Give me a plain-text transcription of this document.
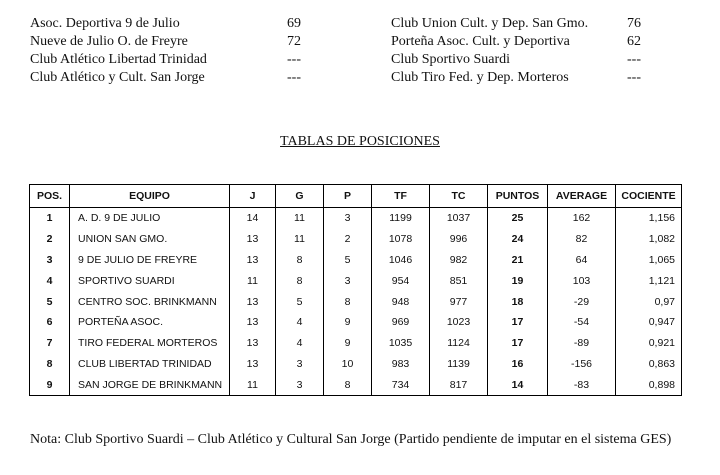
Asoc. Deportiva 9 de Julio	69	Club Union Cult. y Dep. San Gmo.	76
Nueve de Julio O. de Freyre	72	Porteña Asoc. Cult. y Deportiva	62
Club Atlético Libertad Trinidad	---	Club Sportivo Suardi	---
Club Atlético y Cult. San Jorge	---	Club Tiro Fed. y Dep. Morteros	---
TABLAS DE POSICIONES
POS.	EQUIPO	J	G	P	TF	TC	PUNTOS	AVERAGE	COCIENTE
1	A. D. 9 DE JULIO	14	11	3	1199	1037	25	162	1,156
2	UNION SAN GMO.	13	11	2	1078	996	24	82	1,082
3	9 DE JULIO DE FREYRE	13	8	5	1046	982	21	64	1,065
4	SPORTIVO SUARDI	11	8	3	954	851	19	103	1,121
5	CENTRO SOC. BRINKMANN	13	5	8	948	977	18	-29	0,97
6	PORTEÑA ASOC.	13	4	9	969	1023	17	-54	0,947
7	TIRO FEDERAL MORTEROS	13	4	9	1035	1124	17	-89	0,921
8	CLUB LIBERTAD TRINIDAD	13	3	10	983	1139	16	-156	0,863
9	SAN JORGE DE BRINKMANN	11	3	8	734	817	14	-83	0,898
Nota: Club Sportivo Suardi – Club Atlético y Cultural San Jorge (Partido pendiente de imputar en el sistema GES)
